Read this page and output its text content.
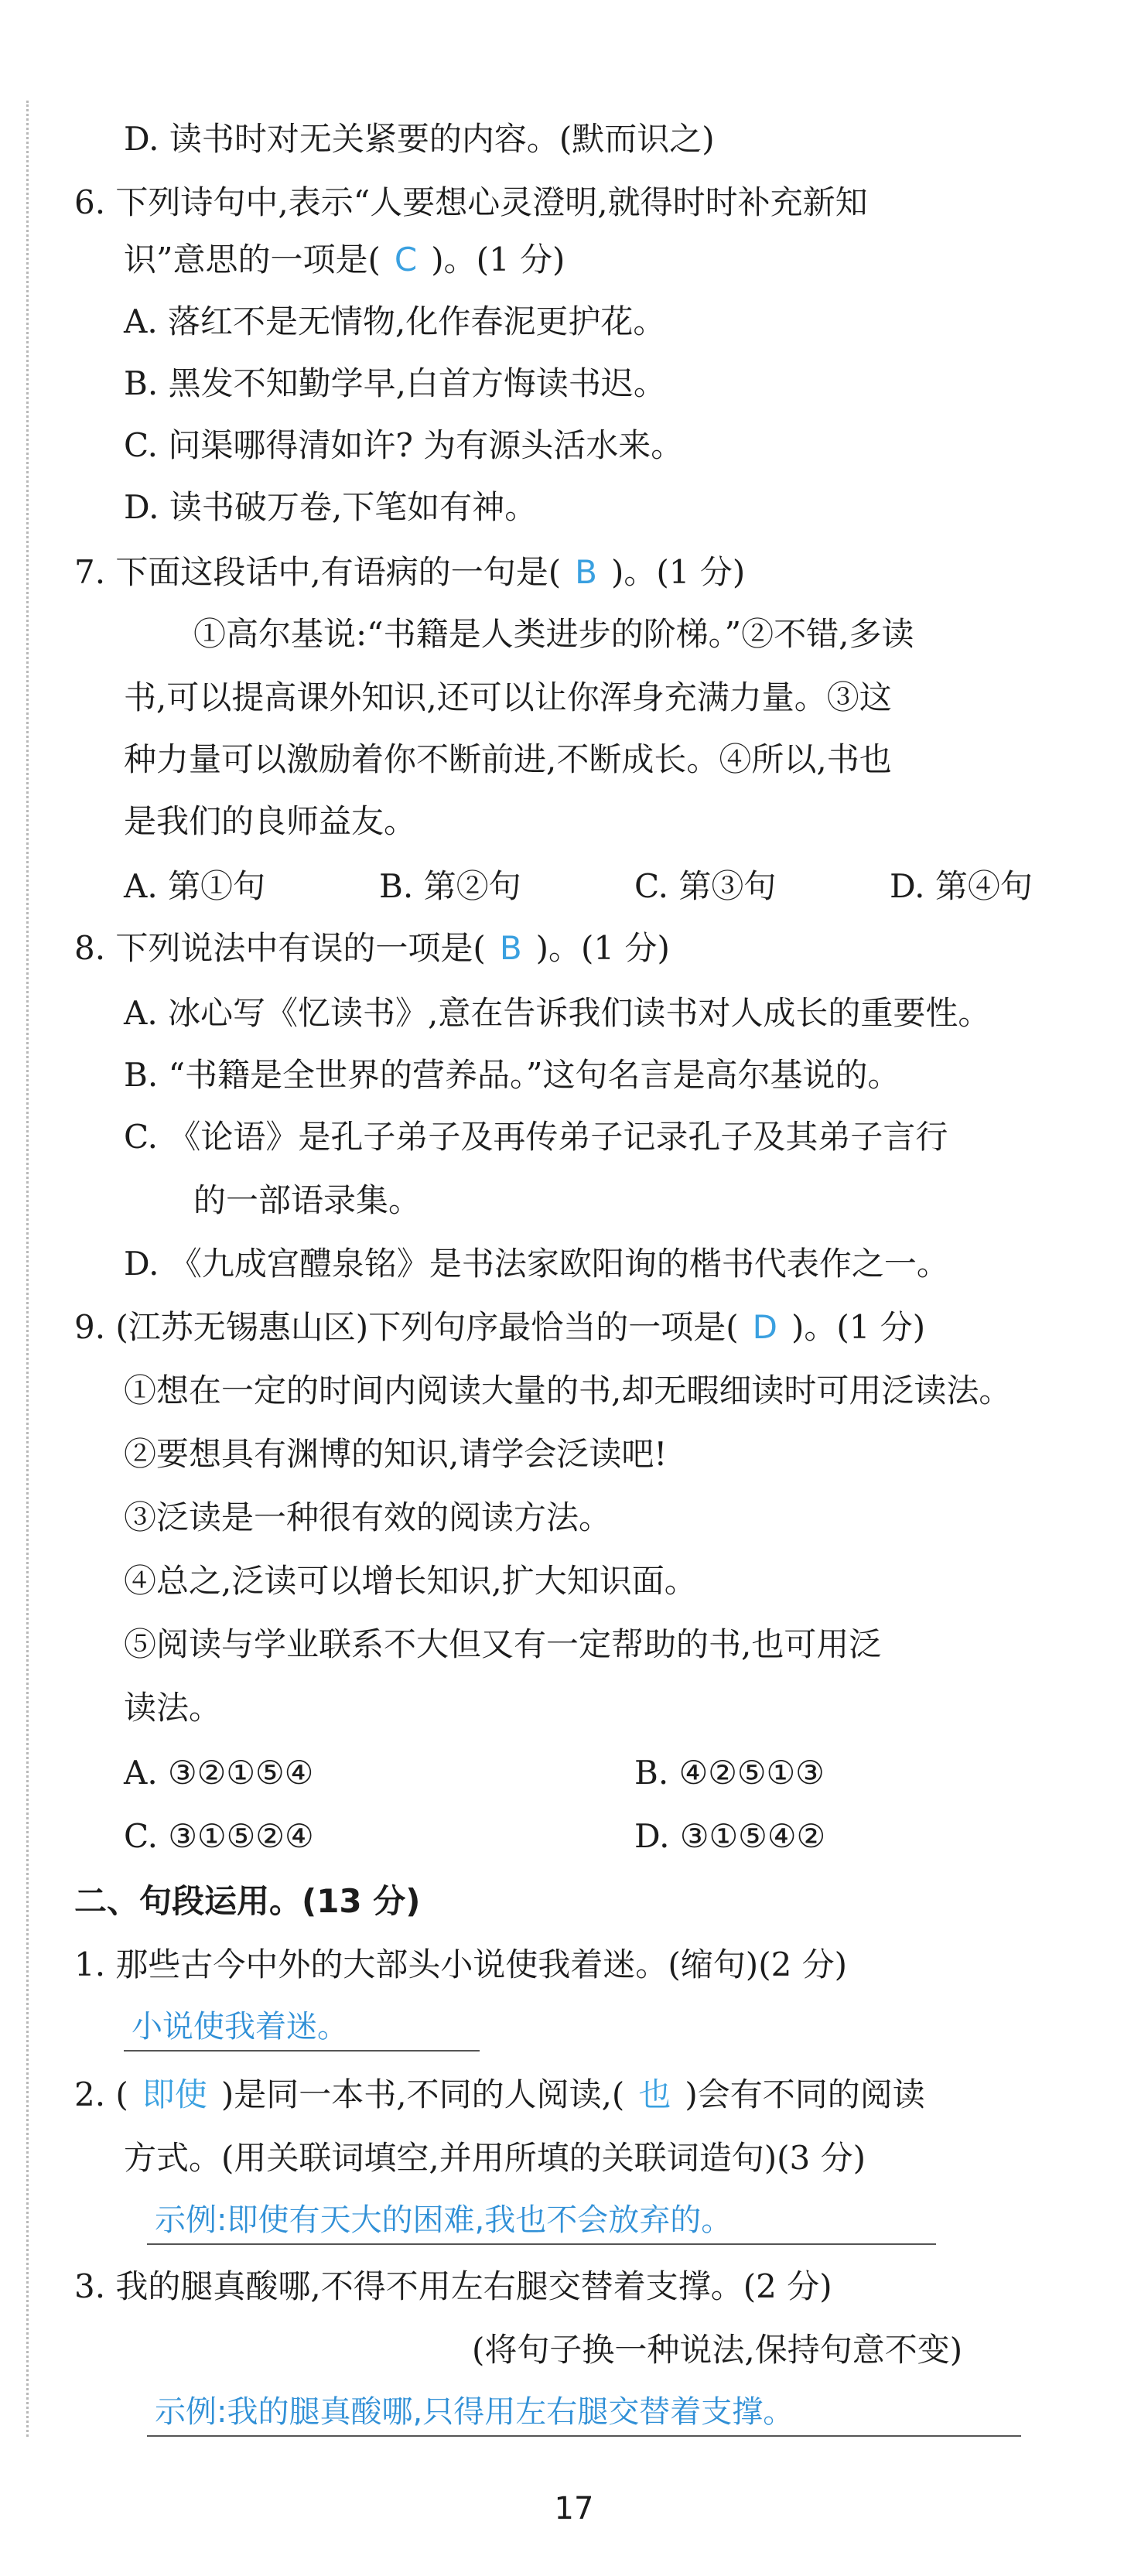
D. 读书时对无关紧要的内容。(默而识之)
6. 下列诗句中,表示“人要想心灵澄明,就得时时补充新知
识”意思的一项是( C )。(1 分)
A. 落红不是无情物,化作春泥更护花。
B. 黑发不知勤学早,白首方悔读书迟。
C. 问渠哪得清如许? 为有源头活水来。
D. 读书破万卷,下笔如有神。
7. 下面这段话中,有语病的一句是( B )。(1 分)
①高尔基说:“书籍是人类进步的阶梯。”②不错,多读
书,可以提高课外知识,还可以让你浑身充满力量。③这
种力量可以激励着你不断前进,不断成长。④所以,书也
是我们的良师益友。
A. 第①句	B. 第②句	C. 第③句	D. 第④句
8. 下列说法中有误的一项是( B )。(1 分)
A. 冰心写《忆读书》,意在告诉我们读书对人成长的重要性。
B. “书籍是全世界的营养品。”这句名言是高尔基说的。
C. 《论语》是孔子弟子及再传弟子记录孔子及其弟子言行
的一部语录集。
D. 《九成宫醴泉铭》是书法家欧阳询的楷书代表作之一。
9. (江苏无锡惠山区)下列句序最恰当的一项是( D )。(1 分)
①想在一定的时间内阅读大量的书,却无暇细读时可用泛读法。
②要想具有渊博的知识,请学会泛读吧!
③泛读是一种很有效的阅读方法。
④总之,泛读可以增长知识,扩大知识面。
⑤阅读与学业联系不大但又有一定帮助的书,也可用泛
读法。
A. ③②①⑤④	B. ④②⑤①③
C. ③①⑤②④	D. ③①⑤④②
二、句段运用。(13 分)
1. 那些古今中外的大部头小说使我着迷。(缩句)(2 分)
小说使我着迷。
2. ( 即使 )是同一本书,不同的人阅读,( 也 )会有不同的阅读
方式。(用关联词填空,并用所填的关联词造句)(3 分)
示例:即使有天大的困难,我也不会放弃的。
3. 我的腿真酸哪,不得不用左右腿交替着支撑。(2 分)
(将句子换一种说法,保持句意不变)
示例:我的腿真酸哪,只得用左右腿交替着支撑。
17
